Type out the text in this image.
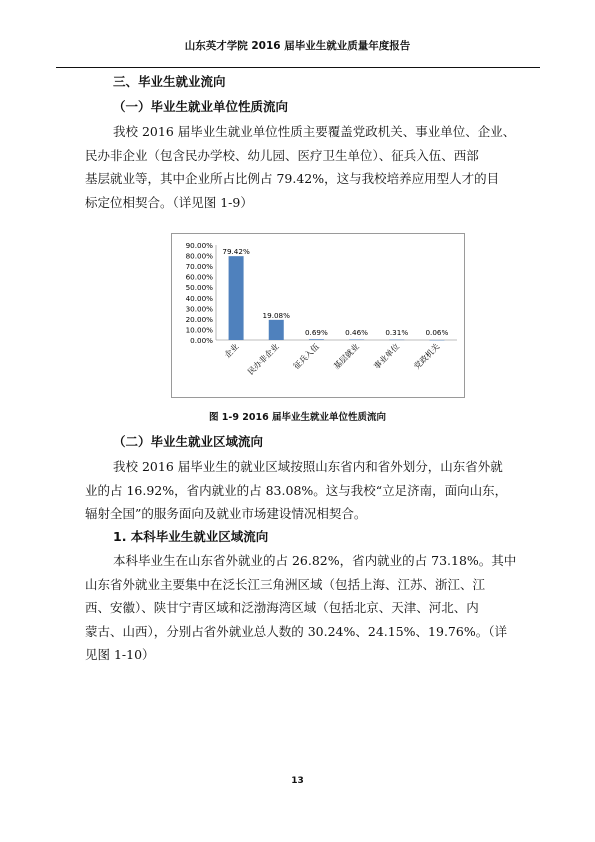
山东英才学院 2016 届毕业生就业质量年度报告
三、毕业生就业流向
（一）毕业生就业单位性质流向
我校 2016 届毕业生就业单位性质主要覆盖党政机关、事业单位、企业、
民办非企业（包含民办学校、幼儿园、医疗卫生单位）、征兵入伍、西部
基层就业等，其中企业所占比例占 79.42%，这与我校培养应用型人才的目
标定位相契合。（详见图 1-9）
0.00%
10.00%
20.00%
30.00%
40.00%
50.00%
60.00%
70.00%
80.00%
90.00%
79.42%
企业
19.08%
民办非企业
0.69%
征兵入伍
0.46%
基层就业
0.31%
事业单位
0.06%
党政机关
图 1-9 2016 届毕业生就业单位性质流向
（二）毕业生就业区域流向
我校 2016 届毕业生的就业区域按照山东省内和省外划分，山东省外就
业的占 16.92%，省内就业的占 83.08%。这与我校“立足济南，面向山东，
辐射全国”的服务面向及就业市场建设情况相契合。
1. 本科毕业生就业区域流向
本科毕业生在山东省外就业的占 26.82%，省内就业的占 73.18%。其中
山东省外就业主要集中在泛长江三角洲区域（包括上海、江苏、浙江、江
西、安徽）、陕甘宁青区域和泛渤海湾区域（包括北京、天津、河北、内
蒙古、山西），分别占省外就业总人数的 30.24%、24.15%、19.76%。（详
见图 1-10）
13
